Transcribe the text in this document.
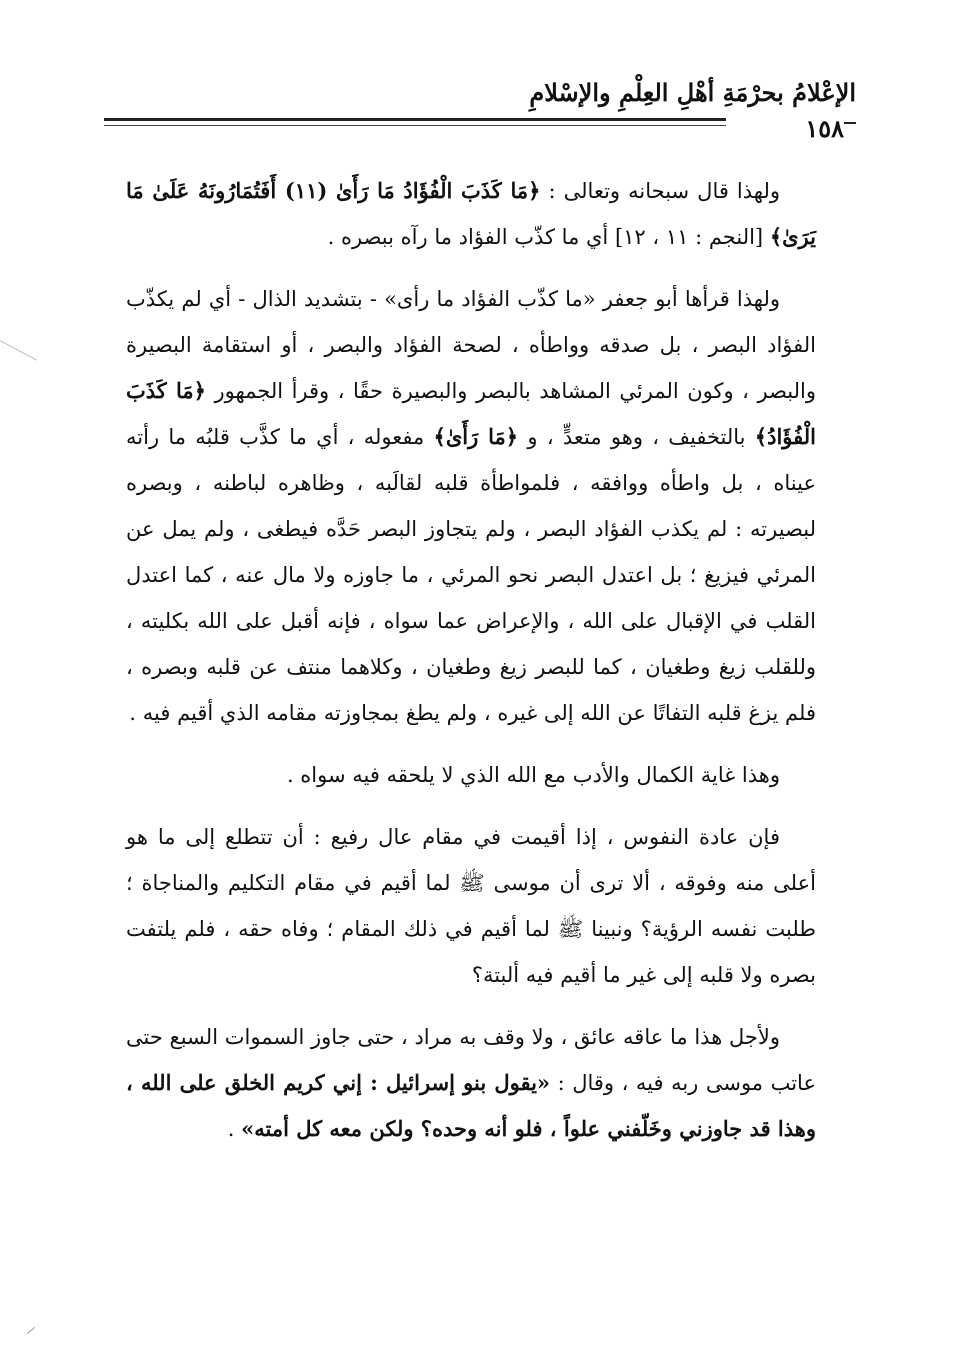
الإعْلامُ بحرْمَةِ أهْلِ العِلْمِ والإسْلامِ
١٥٨

ولهذا قال سبحانه وتعالى : ﴿مَا كَذَبَ الْفُؤَادُ مَا رَأَىٰ (١١) أَفَتُمَارُونَهُ عَلَىٰ مَا يَرَىٰ﴾ [النجم : ١١ ، ١٢] أي ما كذّب الفؤاد ما رآه ببصره .

ولهذا قرأها أبو جعفر «ما كذّب الفؤاد ما رأى» - بتشديد الذال - أي لم يكذّب الفؤاد البصر ، بل صدقه وواطأه ، لصحة الفؤاد والبصر ، أو استقامة البصيرة والبصر ، وكون المرئي المشاهد بالبصر والبصيرة حقًا ، وقرأ الجمهور ﴿مَا كَذَبَ الْفُؤَادُ﴾ بالتخفيف ، وهو متعدٍّ ، و ﴿مَا رَأَىٰ﴾ مفعوله ، أي ما كذَّب قلبُه ما رأته عيناه ، بل واطأه ووافقه ، فلمواطأة قلبه لقالَبه ، وظاهره لباطنه ، وبصره لبصيرته : لم يكذب الفؤاد البصر ، ولم يتجاوز البصر حَدَّه فيطغى ، ولم يمل عن المرئي فيزيغ ؛ بل اعتدل البصر نحو المرئي ، ما جاوزه ولا مال عنه ، كما اعتدل القلب في الإقبال على الله ، والإعراض عما سواه ، فإنه أقبل على الله بكليته ، وللقلب زيغ وطغيان ، كما للبصر زيغ وطغيان ، وكلاهما منتف عن قلبه وبصره ، فلم يزغ قلبه التفاتًا عن الله إلى غيره ، ولم يطغ بمجاوزته مقامه الذي أقيم فيه .

وهذا غاية الكمال والأدب مع الله الذي لا يلحقه فيه سواه .

فإن عادة النفوس ، إذا أقيمت في مقام عال رفيع : أن تتطلع إلى ما هو أعلى منه وفوقه ، ألا ترى أن موسى ﷺ لما أقيم في مقام التكليم والمناجاة ؛ طلبت نفسه الرؤية؟ ونبينا ﷺ لما أقيم في ذلك المقام ؛ وفاه حقه ، فلم يلتفت بصره ولا قلبه إلى غير ما أقيم فيه ألبتة؟

ولأجل هذا ما عاقه عائق ، ولا وقف به مراد ، حتى جاوز السموات السبع حتى عاتب موسى ربه فيه ، وقال : «يقول بنو إسرائيل : إني كريم الخلق على الله ، وهذا قد جاوزني وخَلّفني علواً ، فلو أنه وحده؟ ولكن معه كل أمته» .
